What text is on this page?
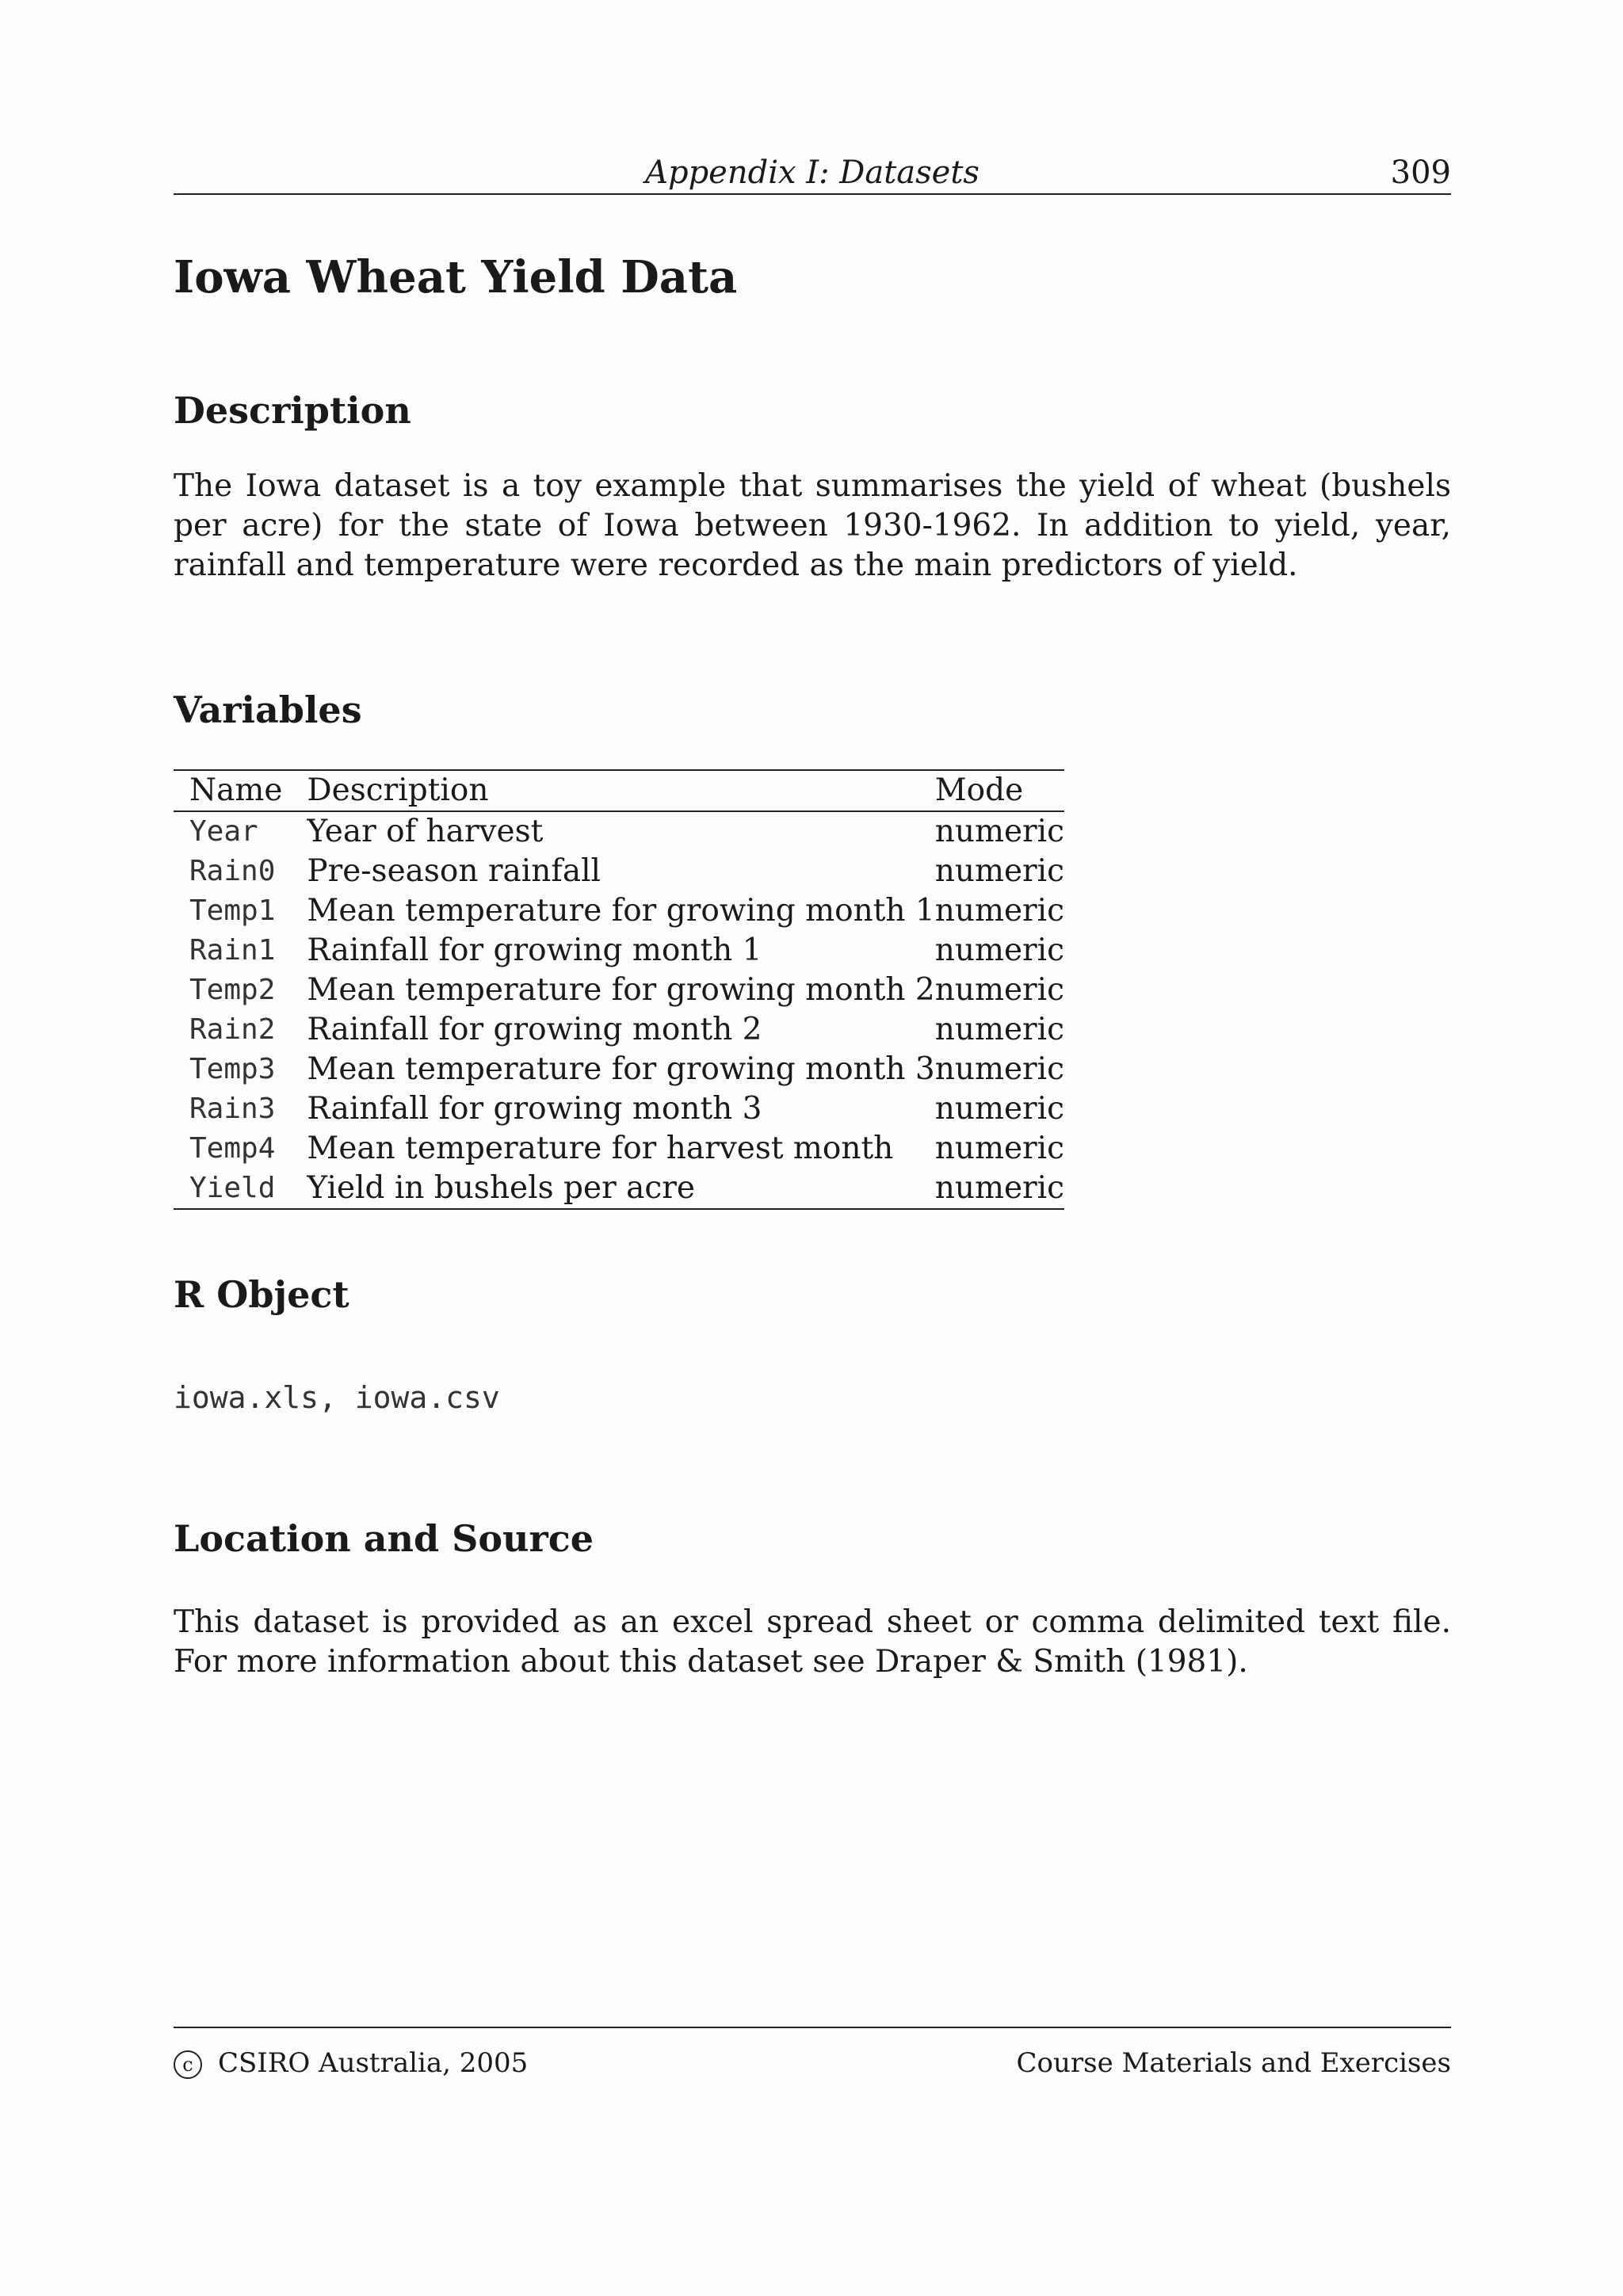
Appendix I: Datasets	309
Iowa Wheat Yield Data
Description

The Iowa dataset is a toy example that summarises the yield of wheat (bushels per acre) for the state of Iowa between 1930-1962. In addition to yield, year, rainfall and temperature were recorded as the main predictors of yield.

Variables
Name	Description	Mode
Year	Year of harvest	numeric
Rain0	Pre-season rainfall	numeric
Temp1	Mean temperature for growing month 1	numeric
Rain1	Rainfall for growing month 1	numeric
Temp2	Mean temperature for growing month 2	numeric
Rain2	Rainfall for growing month 2	numeric
Temp3	Mean temperature for growing month 3	numeric
Rain3	Rainfall for growing month 3	numeric
Temp4	Mean temperature for harvest month	numeric
Yield	Yield in bushels per acre	numeric
R Object
iowa.xls, iowa.csv
Location and Source

This dataset is provided as an excel spread sheet or comma delimited text file. For more information about this dataset see Draper & Smith (1981).

c CSIRO Australia, 2005	Course Materials and Exercises
